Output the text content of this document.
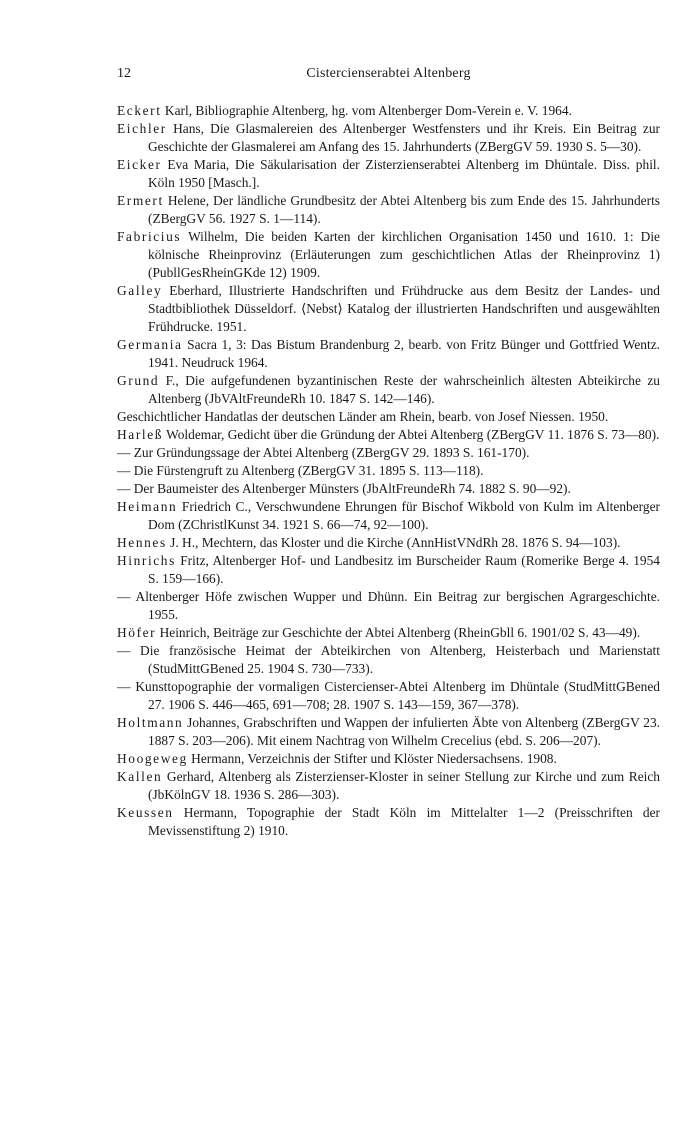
12	Cistercienserabtei Altenberg
Eckert Karl, Bibliographie Altenberg, hg. vom Altenberger Dom-Verein e. V. 1964.
Eichler Hans, Die Glasmalereien des Altenberger Westfensters und ihr Kreis. Ein Beitrag zur Geschichte der Glasmalerei am Anfang des 15. Jahrhunderts (ZBergGV 59. 1930 S. 5—30).
Eicker Eva Maria, Die Säkularisation der Zisterzienserabtei Altenberg im Dhüntale. Diss. phil. Köln 1950 [Masch.].
Ermert Helene, Der ländliche Grundbesitz der Abtei Altenberg bis zum Ende des 15. Jahrhunderts (ZBergGV 56. 1927 S. 1—114).
Fabricius Wilhelm, Die beiden Karten der kirchlichen Organisation 1450 und 1610. 1: Die kölnische Rheinprovinz (Erläuterungen zum geschichtlichen Atlas der Rheinprovinz 1) (PubllGesRheinGKde 12) 1909.
Galley Eberhard, Illustrierte Handschriften und Frühdrucke aus dem Besitz der Landes- und Stadtbibliothek Düsseldorf. ⟨Nebst⟩ Katalog der illustrierten Handschriften und ausgewählten Frühdrucke. 1951.
Germania Sacra 1, 3: Das Bistum Brandenburg 2, bearb. von Fritz Bünger und Gottfried Wentz. 1941. Neudruck 1964.
Grund F., Die aufgefundenen byzantinischen Reste der wahrscheinlich ältesten Abteikirche zu Altenberg (JbVAltFreundeRh 10. 1847 S. 142—146).
Geschichtlicher Handatlas der deutschen Länder am Rhein, bearb. von Josef Niessen. 1950.
Harleß Woldemar, Gedicht über die Gründung der Abtei Altenberg (ZBergGV 11. 1876 S. 73—80).
— Zur Gründungssage der Abtei Altenberg (ZBergGV 29. 1893 S. 161-170).
— Die Fürstengruft zu Altenberg (ZBergGV 31. 1895 S. 113—118).
— Der Baumeister des Altenberger Münsters (JbAltFreundeRh 74. 1882 S. 90—92).
Heimann Friedrich C., Verschwundene Ehrungen für Bischof Wikbold von Kulm im Altenberger Dom (ZChristlKunst 34. 1921 S. 66—74, 92—100).
Hennes J. H., Mechtern, das Kloster und die Kirche (AnnHistVNdRh 28. 1876 S. 94—103).
Hinrichs Fritz, Altenberger Hof- und Landbesitz im Burscheider Raum (Romerike Berge 4. 1954 S. 159—166).
— Altenberger Höfe zwischen Wupper und Dhünn. Ein Beitrag zur bergischen Agrargeschichte. 1955.
Höfer Heinrich, Beiträge zur Geschichte der Abtei Altenberg (RheinGbll 6. 1901/02 S. 43—49).
— Die französische Heimat der Abteikirchen von Altenberg, Heisterbach und Marienstatt (StudMittGBened 25. 1904 S. 730—733).
— Kunsttopographie der vormaligen Cistercienser-Abtei Altenberg im Dhüntale (StudMittGBened 27. 1906 S. 446—465, 691—708; 28. 1907 S. 143—159, 367—378).
Holtmann Johannes, Grabschriften und Wappen der infulierten Äbte von Altenberg (ZBergGV 23. 1887 S. 203—206). Mit einem Nachtrag von Wilhelm Crecelius (ebd. S. 206—207).
Hoogeweg Hermann, Verzeichnis der Stifter und Klöster Niedersachsens. 1908.
Kallen Gerhard, Altenberg als Zisterzienser-Kloster in seiner Stellung zur Kirche und zum Reich (JbKölnGV 18. 1936 S. 286—303).
Keussen Hermann, Topographie der Stadt Köln im Mittelalter 1—2 (Preisschriften der Mevissenstiftung 2) 1910.
